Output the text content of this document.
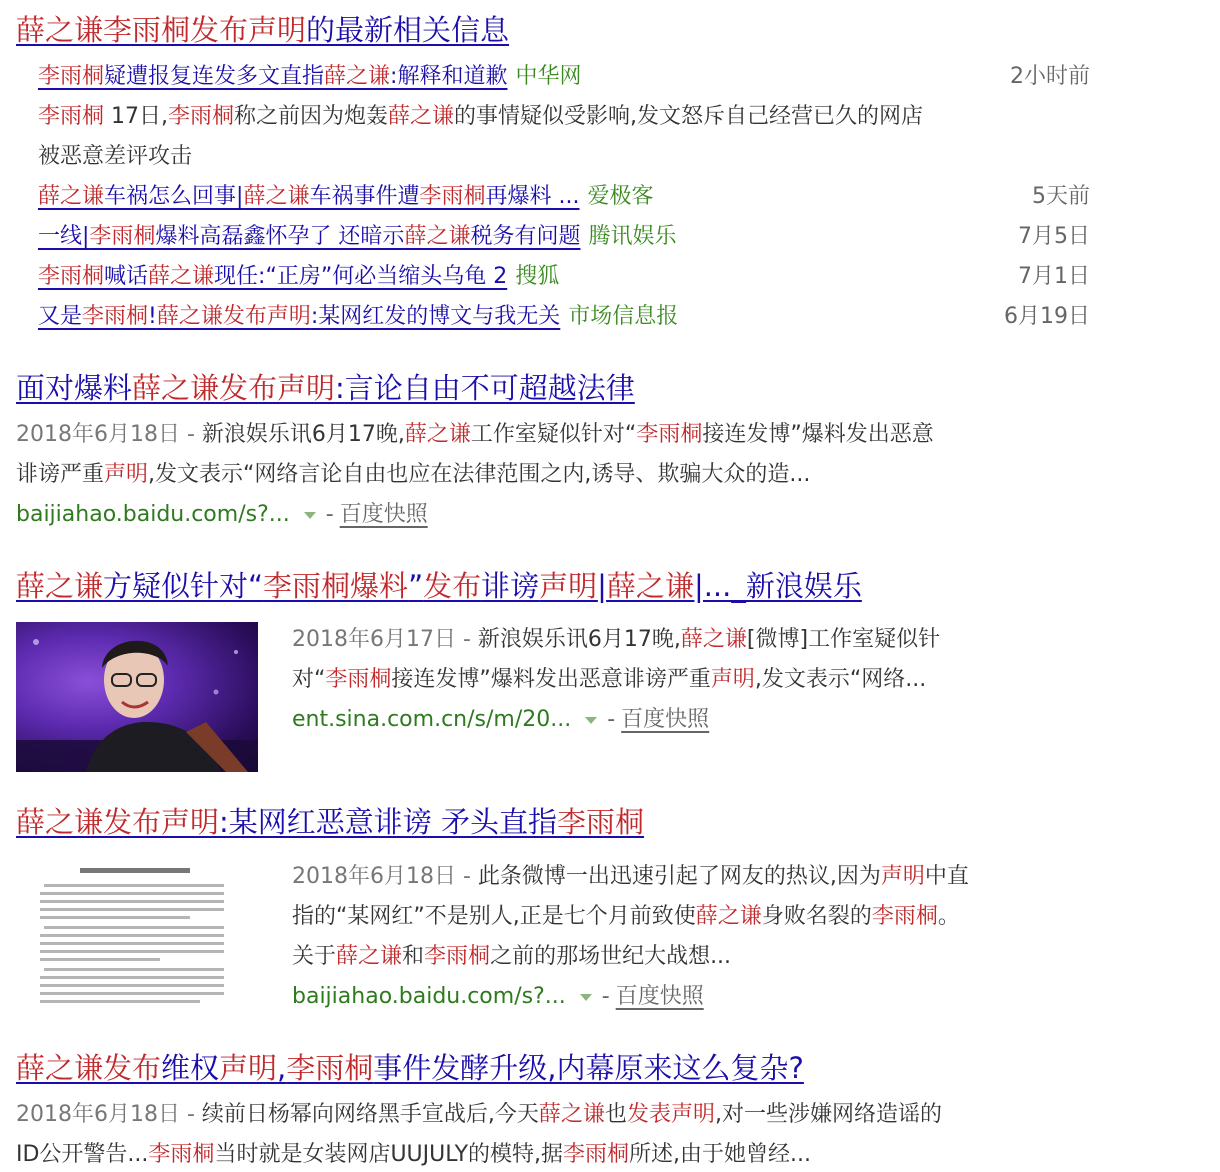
薛之谦李雨桐发布声明的最新相关信息
李雨桐疑遭报复连发多文直指薛之谦:解释和道歉 中华网	2小时前
李雨桐 17日,李雨桐称之前因为炮轰薛之谦的事情疑似受影响,发文怒斥自己经营已久的网店
被恶意差评攻击
薛之谦车祸怎么回事|薛之谦车祸事件遭李雨桐再爆料 ... 爱极客	5天前
一线|李雨桐爆料高磊鑫怀孕了 还暗示薛之谦税务有问题 腾讯娱乐	7月5日
李雨桐喊话薛之谦现任:“正房”何必当缩头乌龟 2 搜狐	7月1日
又是李雨桐!薛之谦发布声明:某网红发的博文与我无关 市场信息报	6月19日
面对爆料薛之谦发布声明:言论自由不可超越法律
2018年6月18日 - 新浪娱乐讯6月17晚,薛之谦工作室疑似针对“李雨桐接连发博”爆料发出恶意
诽谤严重声明,发文表示“网络言论自由也应在法律范围之内,诱导、欺骗大众的造...
baijiahao.baidu.com/s?... - 百度快照
薛之谦方疑似针对“李雨桐爆料”发布诽谤声明|薛之谦|..._新浪娱乐
2018年6月17日 - 新浪娱乐讯6月17晚,薛之谦[微博]工作室疑似针
对“李雨桐接连发博”爆料发出恶意诽谤严重声明,发文表示“网络...
ent.sina.com.cn/s/m/20... - 百度快照
薛之谦发布声明:某网红恶意诽谤 矛头直指李雨桐
2018年6月18日 - 此条微博一出迅速引起了网友的热议,因为声明中直
指的“某网红”不是别人,正是七个月前致使薛之谦身败名裂的李雨桐。
关于薛之谦和李雨桐之前的那场世纪大战想...
baijiahao.baidu.com/s?... - 百度快照
薛之谦发布维权声明,李雨桐事件发酵升级,内幕原来这么复杂?
2018年6月18日 - 续前日杨幂向网络黑手宣战后,今天薛之谦也发表声明,对一些涉嫌网络造谣的
ID公开警告...李雨桐当时就是女装网店UUJULY的模特,据李雨桐所述,由于她曾经...
